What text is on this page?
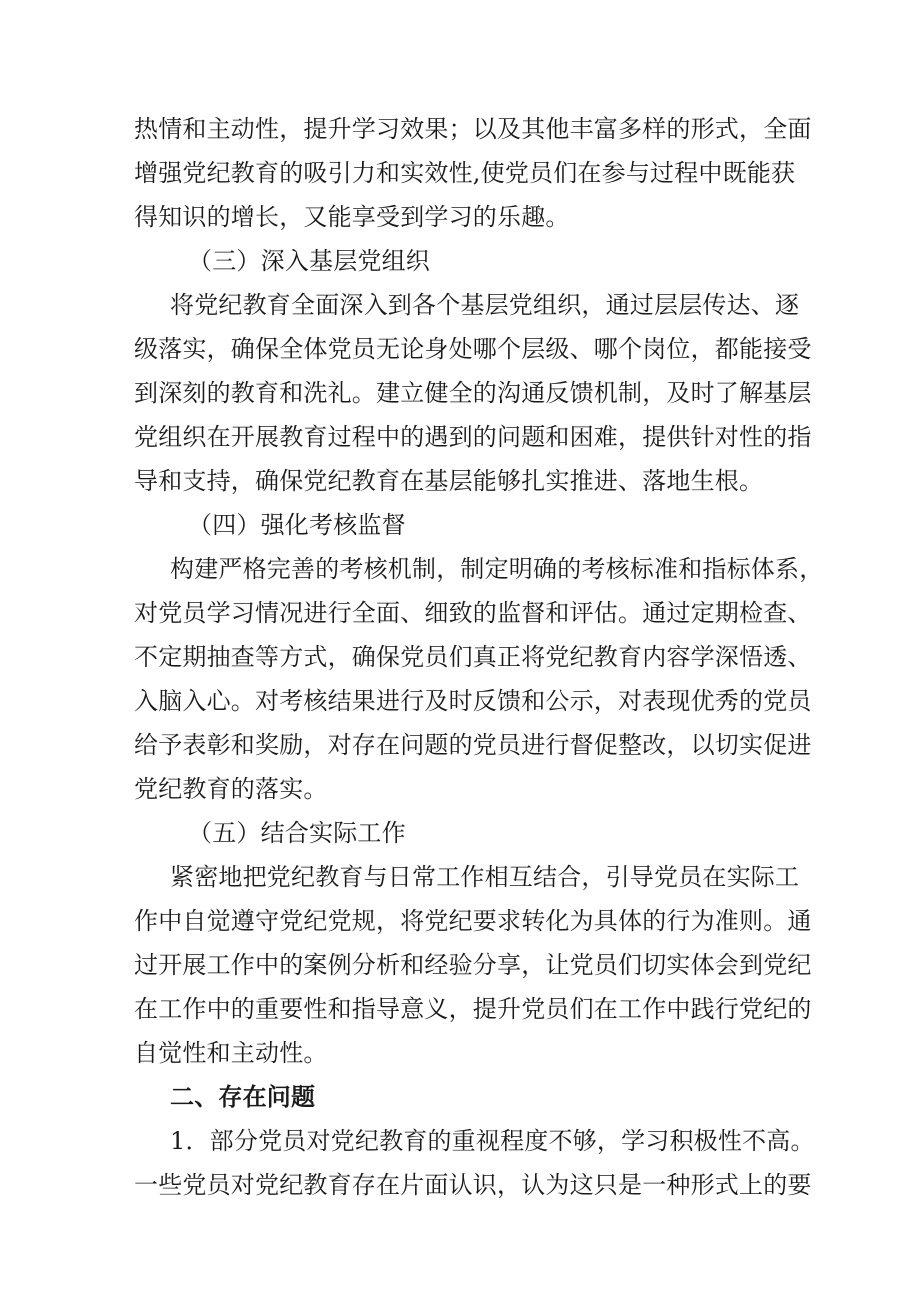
热情和主动性，提升学习效果；以及其他丰富多样的形式，全面
增强党纪教育的吸引力和实效性,使党员们在参与过程中既能获
得知识的增长，又能享受到学习的乐趣。
（三）深入基层党组织
将党纪教育全面深入到各个基层党组织，通过层层传达、逐
级落实，确保全体党员无论身处哪个层级、哪个岗位，都能接受
到深刻的教育和洗礼。建立健全的沟通反馈机制，及时了解基层
党组织在开展教育过程中的遇到的问题和困难，提供针对性的指
导和支持，确保党纪教育在基层能够扎实推进、落地生根。
（四）强化考核监督
构建严格完善的考核机制，制定明确的考核标准和指标体系，
对党员学习情况进行全面、细致的监督和评估。通过定期检查、
不定期抽查等方式，确保党员们真正将党纪教育内容学深悟透、
入脑入心。对考核结果进行及时反馈和公示，对表现优秀的党员
给予表彰和奖励，对存在问题的党员进行督促整改，以切实促进
党纪教育的落实。
（五）结合实际工作
紧密地把党纪教育与日常工作相互结合，引导党员在实际工
作中自觉遵守党纪党规，将党纪要求转化为具体的行为准则。通
过开展工作中的案例分析和经验分享，让党员们切实体会到党纪
在工作中的重要性和指导意义，提升党员们在工作中践行党纪的
自觉性和主动性。
二、存在问题
1．部分党员对党纪教育的重视程度不够，学习积极性不高。
一些党员对党纪教育存在片面认识，认为这只是一种形式上的要
